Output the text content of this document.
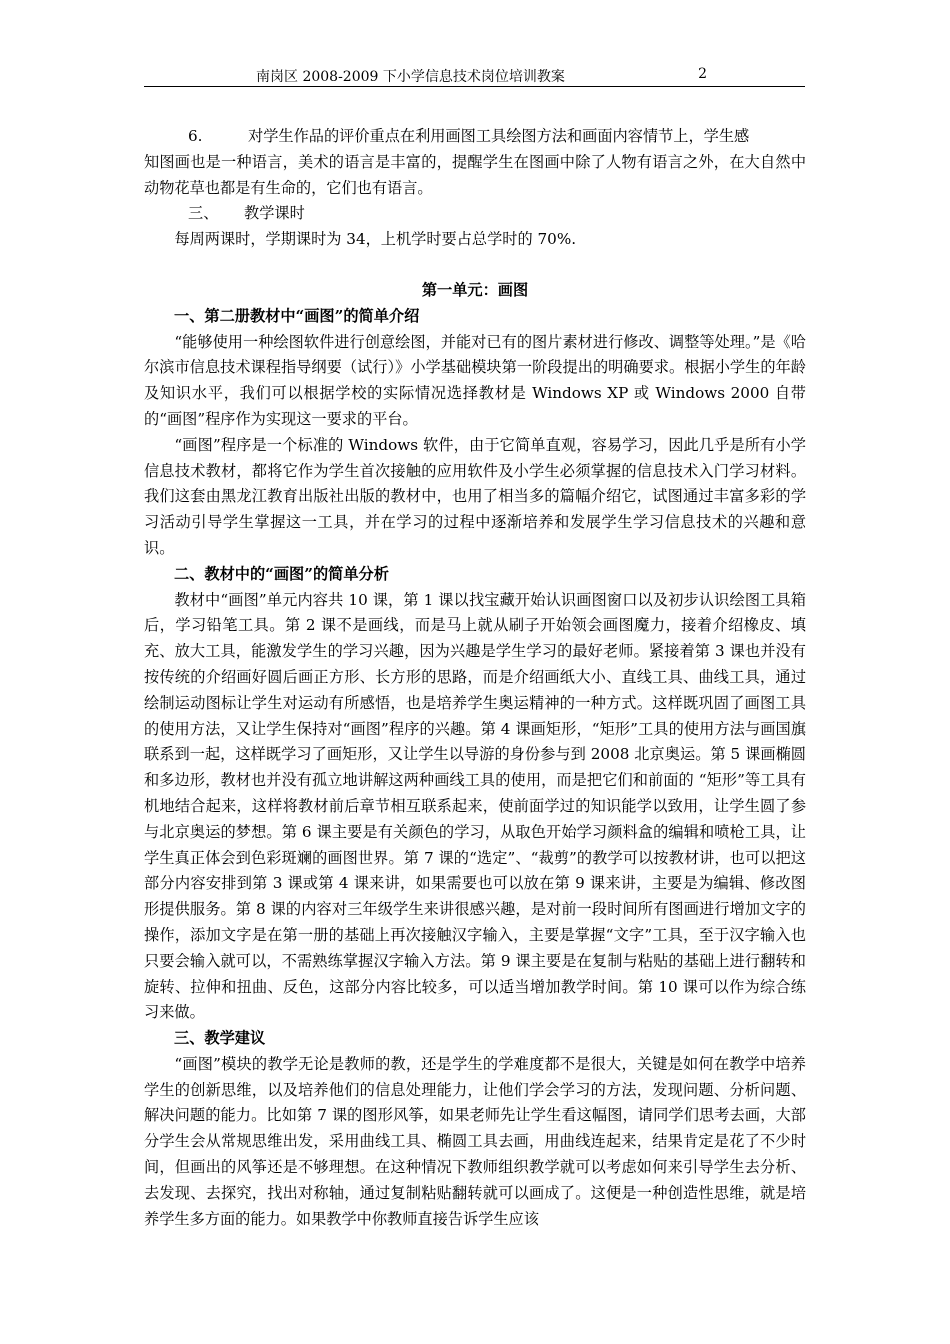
南岗区 2008-2009 下小学信息技术岗位培训教案	2

6.	对学生作品的评价重点在利用画图工具绘图方法和画面内容情节上，学生感

知图画也是一种语言，美术的语言是丰富的，提醒学生在图画中除了人物有语言之外，在大自然中动物花草也都是有生命的，它们也有语言。

三、 教学课时

每周两课时，学期课时为 34，上机学时要占总学时的 70%.

第一单元：画图

一、第二册教材中“画图”的简单介绍

“能够使用一种绘图软件进行创意绘图，并能对已有的图片素材进行修改、调整等处理。”是《哈尔滨市信息技术课程指导纲要（试行）》小学基础模块第一阶段提出的明确要求。根据小学生的年龄及知识水平，我们可以根据学校的实际情况选择教材是 Windows XP 或 Windows 2000 自带的“画图”程序作为实现这一要求的平台。

“画图”程序是一个标准的 Windows 软件，由于它简单直观，容易学习，因此几乎是所有小学信息技术教材，都将它作为学生首次接触的应用软件及小学生必须掌握的信息技术入门学习材料。我们这套由黑龙江教育出版社出版的教材中，也用了相当多的篇幅介绍它，试图通过丰富多彩的学习活动引导学生掌握这一工具，并在学习的过程中逐渐培养和发展学生学习信息技术的兴趣和意识。

二、教材中的“画图”的简单分析

教材中“画图”单元内容共 10 课，第 1 课以找宝藏开始认识画图窗口以及初步认识绘图工具箱后，学习铅笔工具。第 2 课不是画线，而是马上就从刷子开始领会画图魔力，接着介绍橡皮、填充、放大工具，能激发学生的学习兴趣，因为兴趣是学生学习的最好老师。紧接着第 3 课也并没有按传统的介绍画好圆后画正方形、长方形的思路，而是介绍画纸大小、直线工具、曲线工具，通过绘制运动图标让学生对运动有所感悟，也是培养学生奥运精神的一种方式。这样既巩固了画图工具的使用方法，又让学生保持对“画图”程序的兴趣。第 4 课画矩形，“矩形”工具的使用方法与画国旗联系到一起，这样既学习了画矩形，又让学生以导游的身份参与到 2008 北京奥运。第 5 课画椭圆和多边形，教材也并没有孤立地讲解这两种画线工具的使用，而是把它们和前面的 “矩形”等工具有机地结合起来，这样将教材前后章节相互联系起来，使前面学过的知识能学以致用，让学生圆了参与北京奥运的梦想。第 6 课主要是有关颜色的学习，从取色开始学习颜料盒的编辑和喷枪工具，让学生真正体会到色彩斑斓的画图世界。第 7 课的“选定”、“裁剪”的教学可以按教材讲，也可以把这部分内容安排到第 3 课或第 4 课来讲，如果需要也可以放在第 9 课来讲，主要是为编辑、修改图形提供服务。第 8 课的内容对三年级学生来讲很感兴趣，是对前一段时间所有图画进行增加文字的操作，添加文字是在第一册的基础上再次接触汉字输入，主要是掌握“文字”工具，至于汉字输入也只要会输入就可以，不需熟练掌握汉字输入方法。第 9 课主要是在复制与粘贴的基础上进行翻转和旋转、拉伸和扭曲、反色，这部分内容比较多，可以适当增加教学时间。第 10 课可以作为综合练习来做。

三、教学建议

“画图”模块的教学无论是教师的教，还是学生的学难度都不是很大，关键是如何在教学中培养学生的创新思维，以及培养他们的信息处理能力，让他们学会学习的方法，发现问题、分析问题、解决问题的能力。比如第 7 课的图形风筝，如果老师先让学生看这幅图，请同学们思考去画，大部分学生会从常规思维出发，采用曲线工具、椭圆工具去画，用曲线连起来，结果肯定是花了不少时间，但画出的风筝还是不够理想。在这种情况下教师组织教学就可以考虑如何来引导学生去分析、去发现、去探究，找出对称轴，通过复制粘贴翻转就可以画成了。这便是一种创造性思维，就是培养学生多方面的能力。如果教学中你教师直接告诉学生应该
